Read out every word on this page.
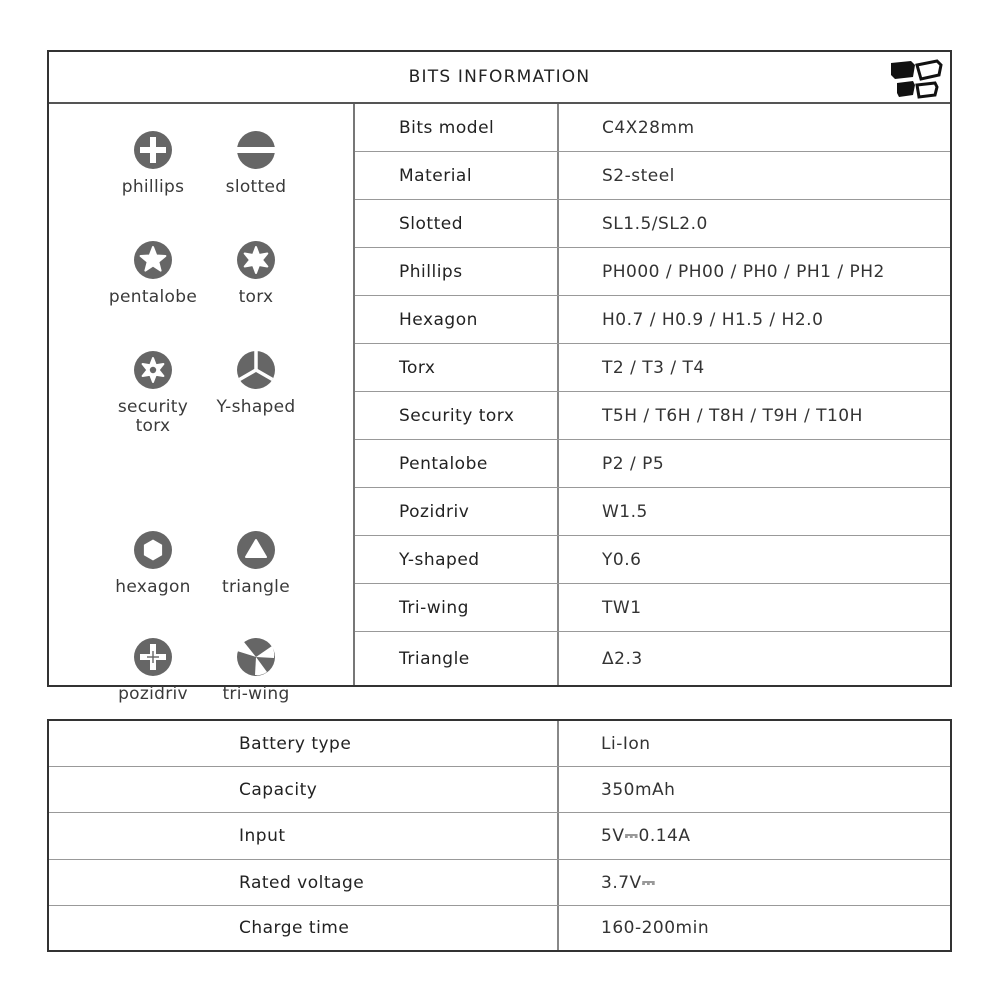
BITS INFORMATION
phillips	slotted
pentalobe	torx
security torx
Y-shaped
hexagon	triangle
pozidriv	tri-wing
Bits model	C4X28mm
Material	S2-steel
Slotted	SL1.5/SL2.0
Phillips	PH000 / PH00 / PH0 / PH1 / PH2
Hexagon	H0.7 / H0.9 / H1.5 / H2.0
Torx	T2 / T3 / T4
Security torx	T5H / T6H / T8H / T9H / T10H
Pentalobe	P2 / P5
Pozidriv	W1.5
Y-shaped	Y0.6
Tri-wing	TW1
Triangle	Δ2.3
Battery type	Li-Ion
Capacity	350mAh
Input	5V⎓0.14A
Rated voltage	3.7V⎓
Charge time	160-200min
